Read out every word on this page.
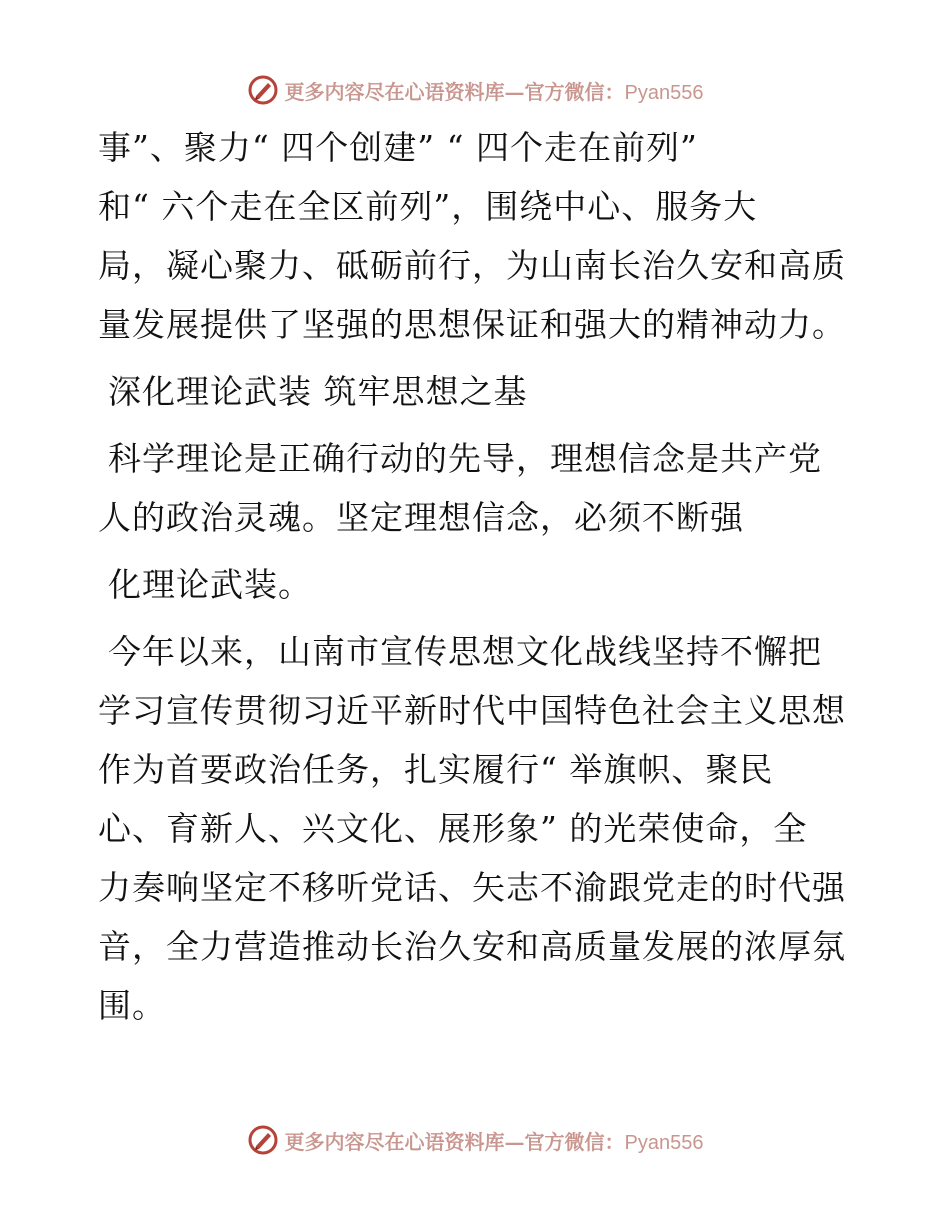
更多内容尽在心语资料库—官方微信：Pyan556
事”、聚力“ 四个创建” “ 四个走在前列”
和“ 六个走在全区前列”，围绕中心、服务大
局，凝心聚力、砥砺前行，为山南长治久安和高质
量发展提供了坚强的思想保证和强大的精神动力。
深化理论武装 筑牢思想之基
科学理论是正确行动的先导，理想信念是共产党
人的政治灵魂。坚定理想信念，必须不断强
化理论武装。
今年以来，山南市宣传思想文化战线坚持不懈把
学习宣传贯彻习近平新时代中国特色社会主义思想
作为首要政治任务，扎实履行“ 举旗帜、聚民
心、育新人、兴文化、展形象” 的光荣使命，全
力奏响坚定不移听党话、矢志不渝跟党走的时代强
音，全力营造推动长治久安和高质量发展的浓厚氛
围。
更多内容尽在心语资料库—官方微信：Pyan556
